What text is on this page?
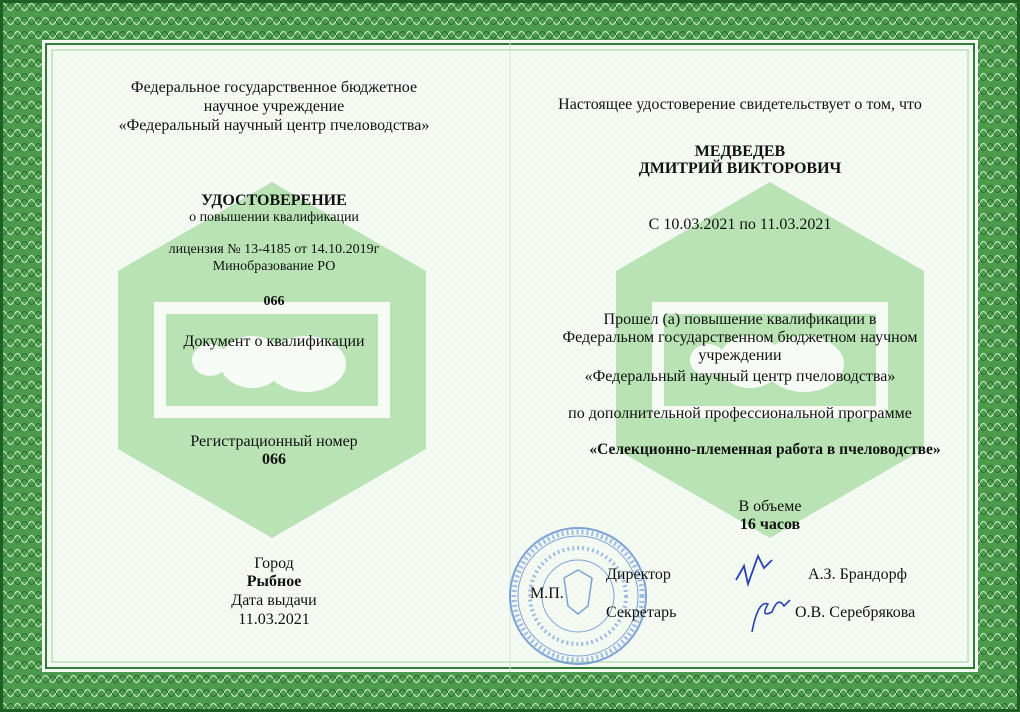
Федеральное государственное бюджетное
научное учреждение
«Федеральный научный центр пчеловодства»
УДОСТОВЕРЕНИЕ
о повышении квалификации
лицензия № 13-4185 от 14.10.2019г
Минобразование РО
066
Документ о квалификации
Регистрационный номер
066
Город
Рыбное
Дата выдачи
11.03.2021
Настоящее удостоверение свидетельствует о том, что
МЕДВЕДЕВ
ДМИТРИЙ ВИКТОРОВИЧ
С 10.03.2021 по 11.03.2021
Прошел (а) повышение квалификации в
Федеральном государственном бюджетном научном
учреждении
«Федеральный научный центр пчеловодства»
по дополнительной профессиональной программе
«Селекционно-племенная работа в пчеловодстве»
В объеме
16 часов
М.П.
Директор	А.З. Брандорф
Секретарь	О.В. Серебрякова
